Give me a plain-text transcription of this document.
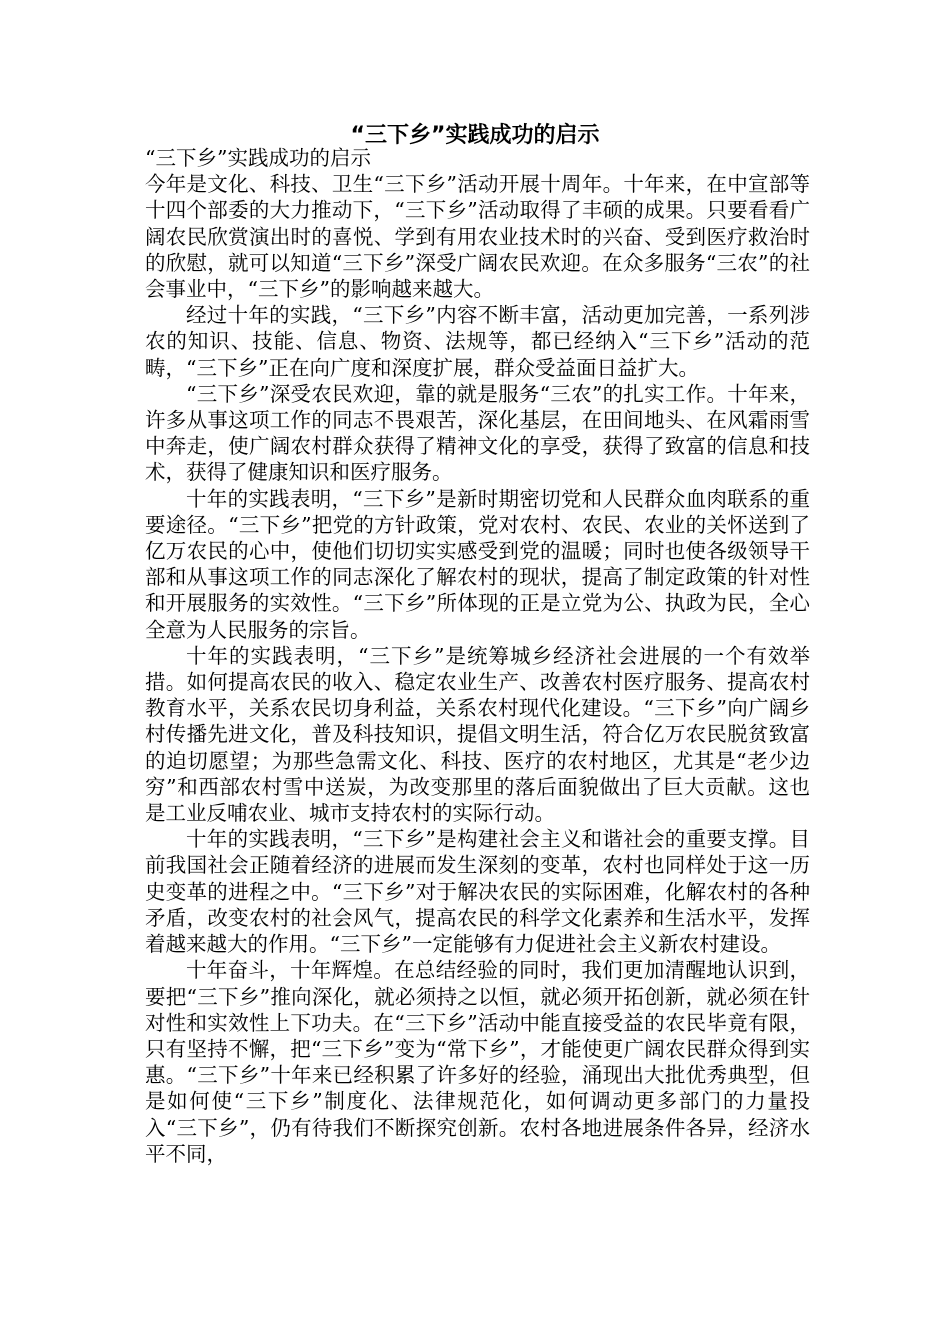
“三下乡”实践成功的启示

“三下乡”实践成功的启示

今年是文化、科技、卫生“三下乡”活动开展十周年。十年来，在中宣部等十四个部委的大力推动下，“三下乡”活动取得了丰硕的成果。只要看看广阔农民欣赏演出时的喜悦、学到有用农业技术时的兴奋、受到医疗救治时的欣慰，就可以知道“三下乡”深受广阔农民欢迎。在众多服务“三农”的社会事业中，“三下乡”的影响越来越大。

经过十年的实践，“三下乡”内容不断丰富，活动更加完善，一系列涉农的知识、技能、信息、物资、法规等，都已经纳入“三下乡”活动的范畴，“三下乡”正在向广度和深度扩展，群众受益面日益扩大。

“三下乡”深受农民欢迎，靠的就是服务“三农”的扎实工作。十年来，许多从事这项工作的同志不畏艰苦，深化基层，在田间地头、在风霜雨雪中奔走，使广阔农村群众获得了精神文化的享受，获得了致富的信息和技术，获得了健康知识和医疗服务。

十年的实践表明，“三下乡”是新时期密切党和人民群众血肉联系的重要途径。“三下乡”把党的方针政策，党对农村、农民、农业的关怀送到了亿万农民的心中，使他们切切实实感受到党的温暖；同时也使各级领导干部和从事这项工作的同志深化了解农村的现状，提高了制定政策的针对性和开展服务的实效性。“三下乡”所体现的正是立党为公、执政为民，全心全意为人民服务的宗旨。

十年的实践表明，“三下乡”是统筹城乡经济社会进展的一个有效举措。如何提高农民的收入、稳定农业生产、改善农村医疗服务、提高农村教育水平，关系农民切身利益，关系农村现代化建设。“三下乡”向广阔乡村传播先进文化，普及科技知识，提倡文明生活，符合亿万农民脱贫致富的迫切愿望；为那些急需文化、科技、医疗的农村地区，尤其是“老少边穷”和西部农村雪中送炭，为改变那里的落后面貌做出了巨大贡献。这也是工业反哺农业、城市支持农村的实际行动。

十年的实践表明，“三下乡”是构建社会主义和谐社会的重要支撑。目前我国社会正随着经济的进展而发生深刻的变革，农村也同样处于这一历史变革的进程之中。“三下乡”对于解决农民的实际困难，化解农村的各种矛盾，改变农村的社会风气，提高农民的科学文化素养和生活水平，发挥着越来越大的作用。“三下乡”一定能够有力促进社会主义新农村建设。

十年奋斗，十年辉煌。在总结经验的同时，我们更加清醒地认识到，要把“三下乡”推向深化，就必须持之以恒，就必须开拓创新，就必须在针对性和实效性上下功夫。在“三下乡”活动中能直接受益的农民毕竟有限，只有坚持不懈，把“三下乡”变为“常下乡”，才能使更广阔农民群众得到实惠。“三下乡”十年来已经积累了许多好的经验，涌现出大批优秀典型，但是如何使“三下乡”制度化、法律规范化，如何调动更多部门的力量投入“三下乡”，仍有待我们不断探究创新。农村各地进展条件各异，经济水平不同，
